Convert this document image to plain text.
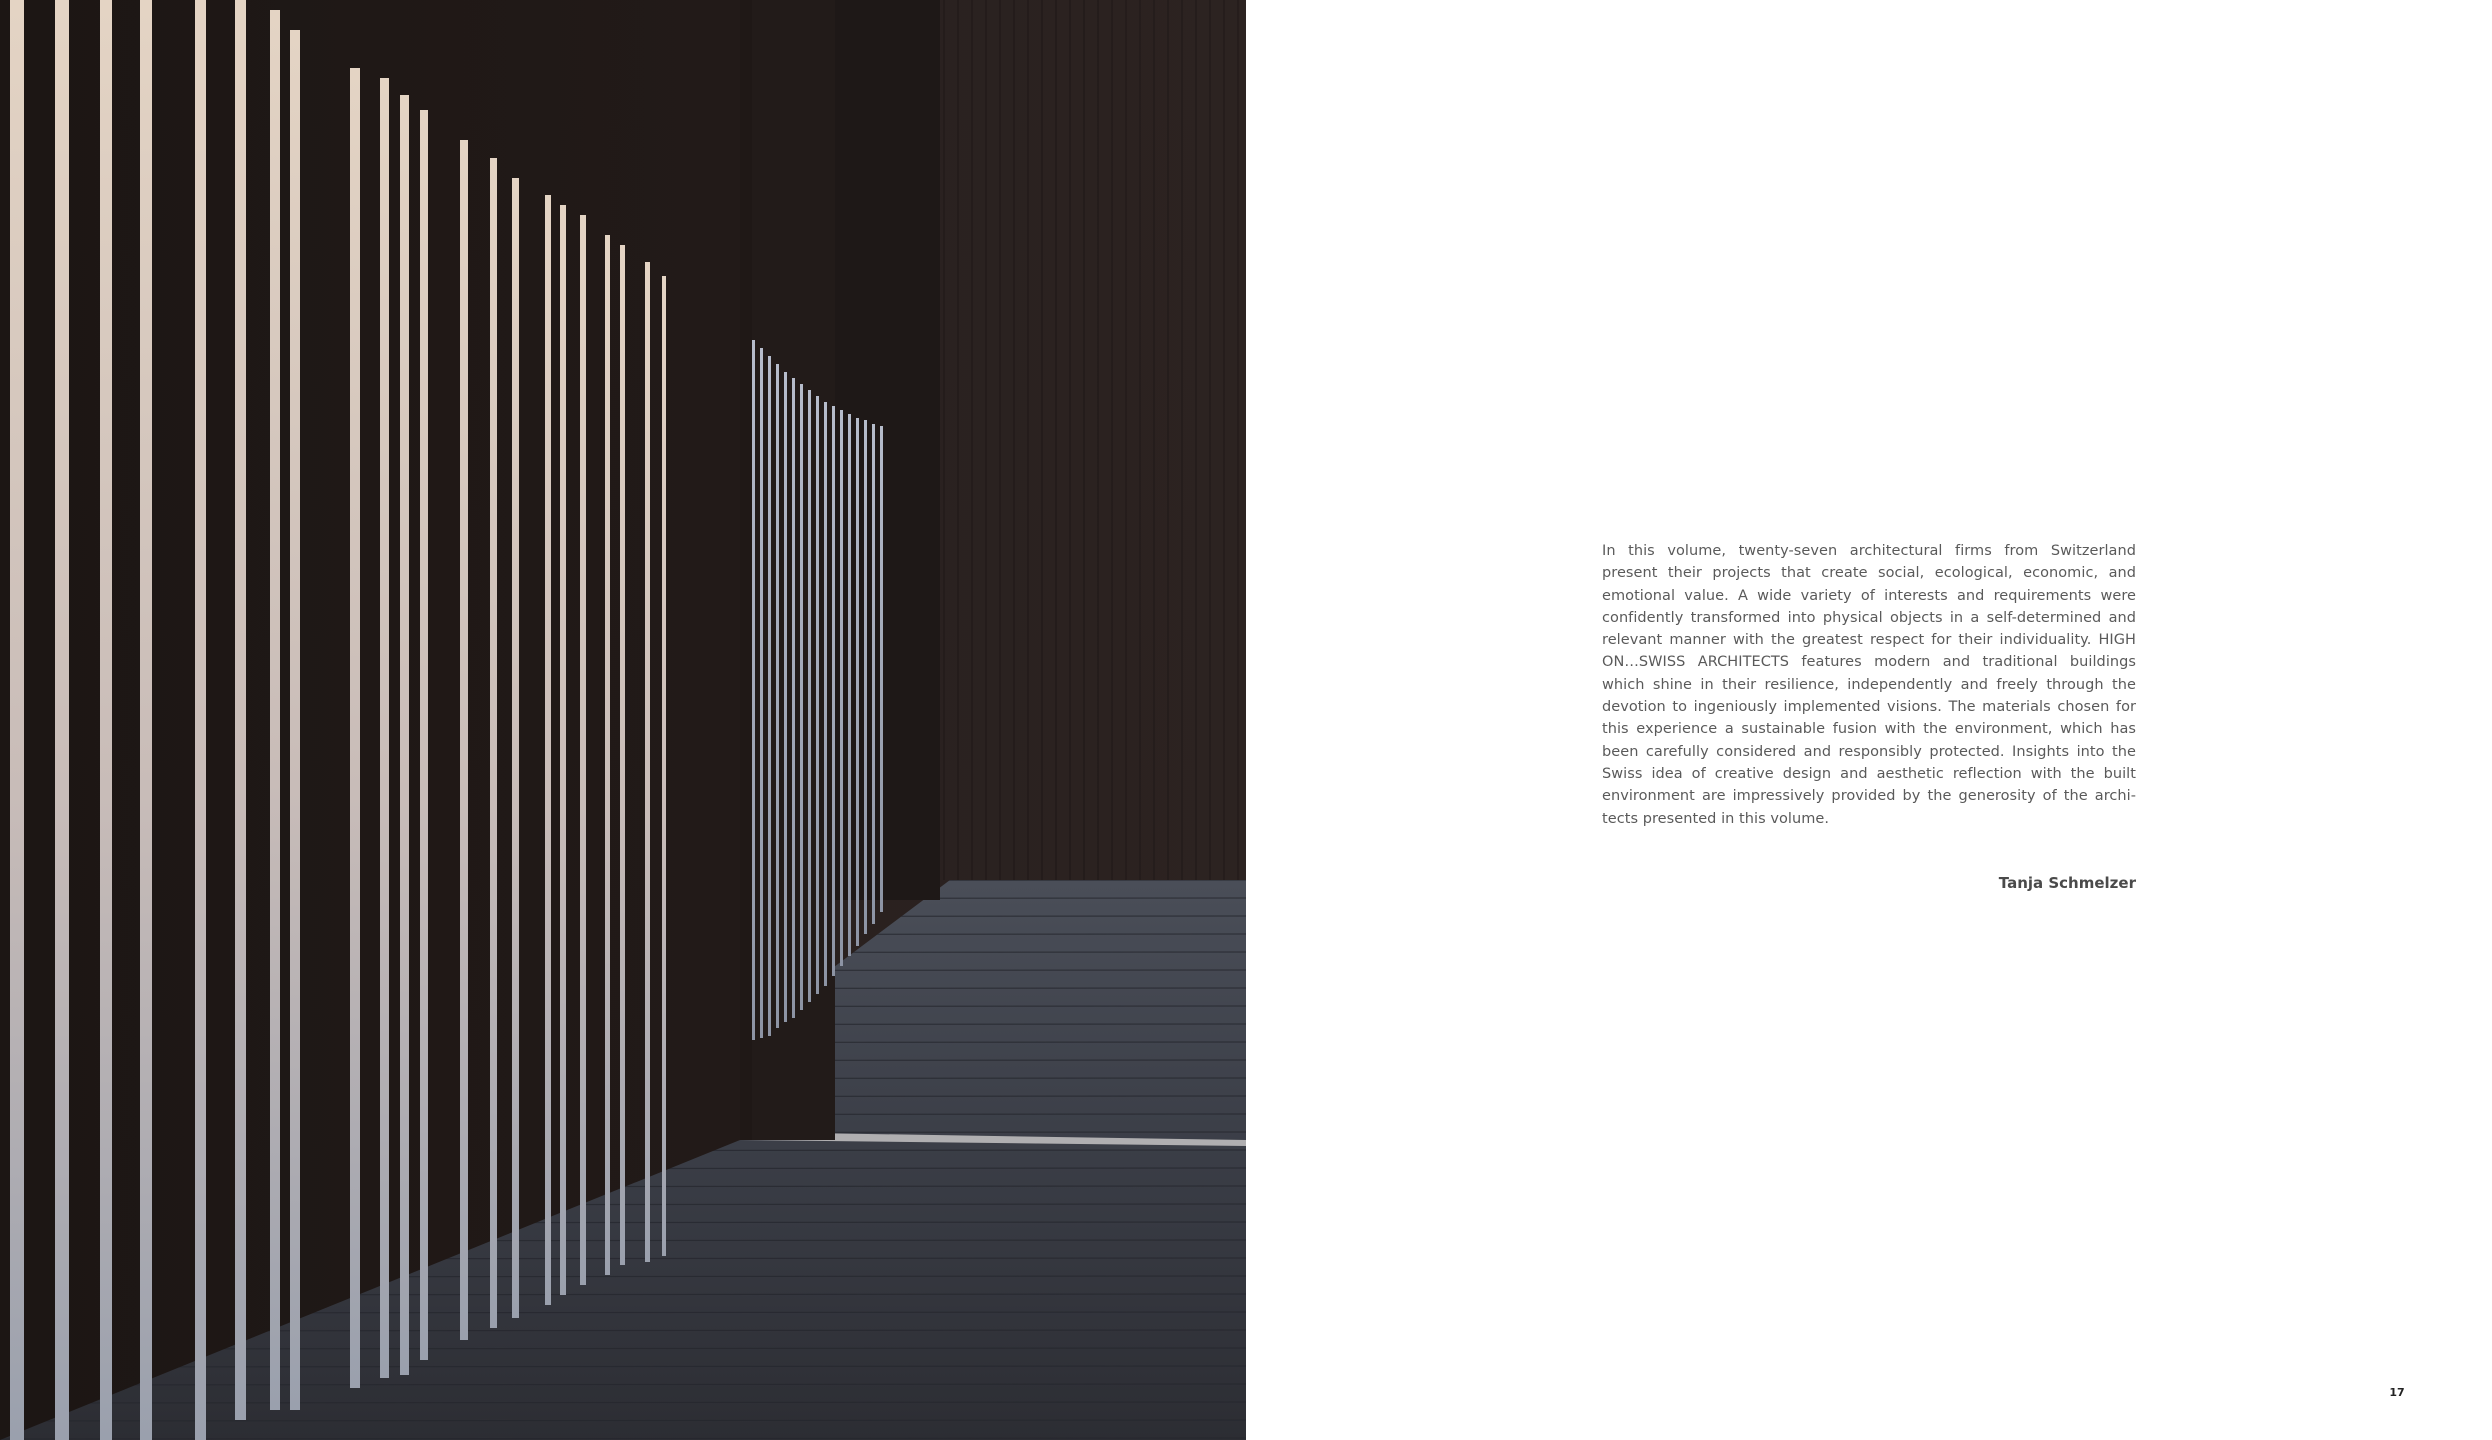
In this volume, twenty-seven architectural firms from Switzerland present their projects that create social, ecological, economic, and emotional value. A wide variety of interests and requirements were confidently transformed into physical objects in a self-determined and relevant manner with the greatest respect for their individuality. HIGH ON…SWISS ARCHITECTS features modern and traditional buildings which shine in their resilience, independently and freely through the devotion to ingeniously implemented visions. The materials chosen for this experience a sustainable fusion with the environment, which has been carefully considered and responsibly protected. Insights into the Swiss idea of creative design and aesthetic reflection with the built environment are impressively provided by the generosity of the architects presented in this volume.

Tanja Schmelzer

17
